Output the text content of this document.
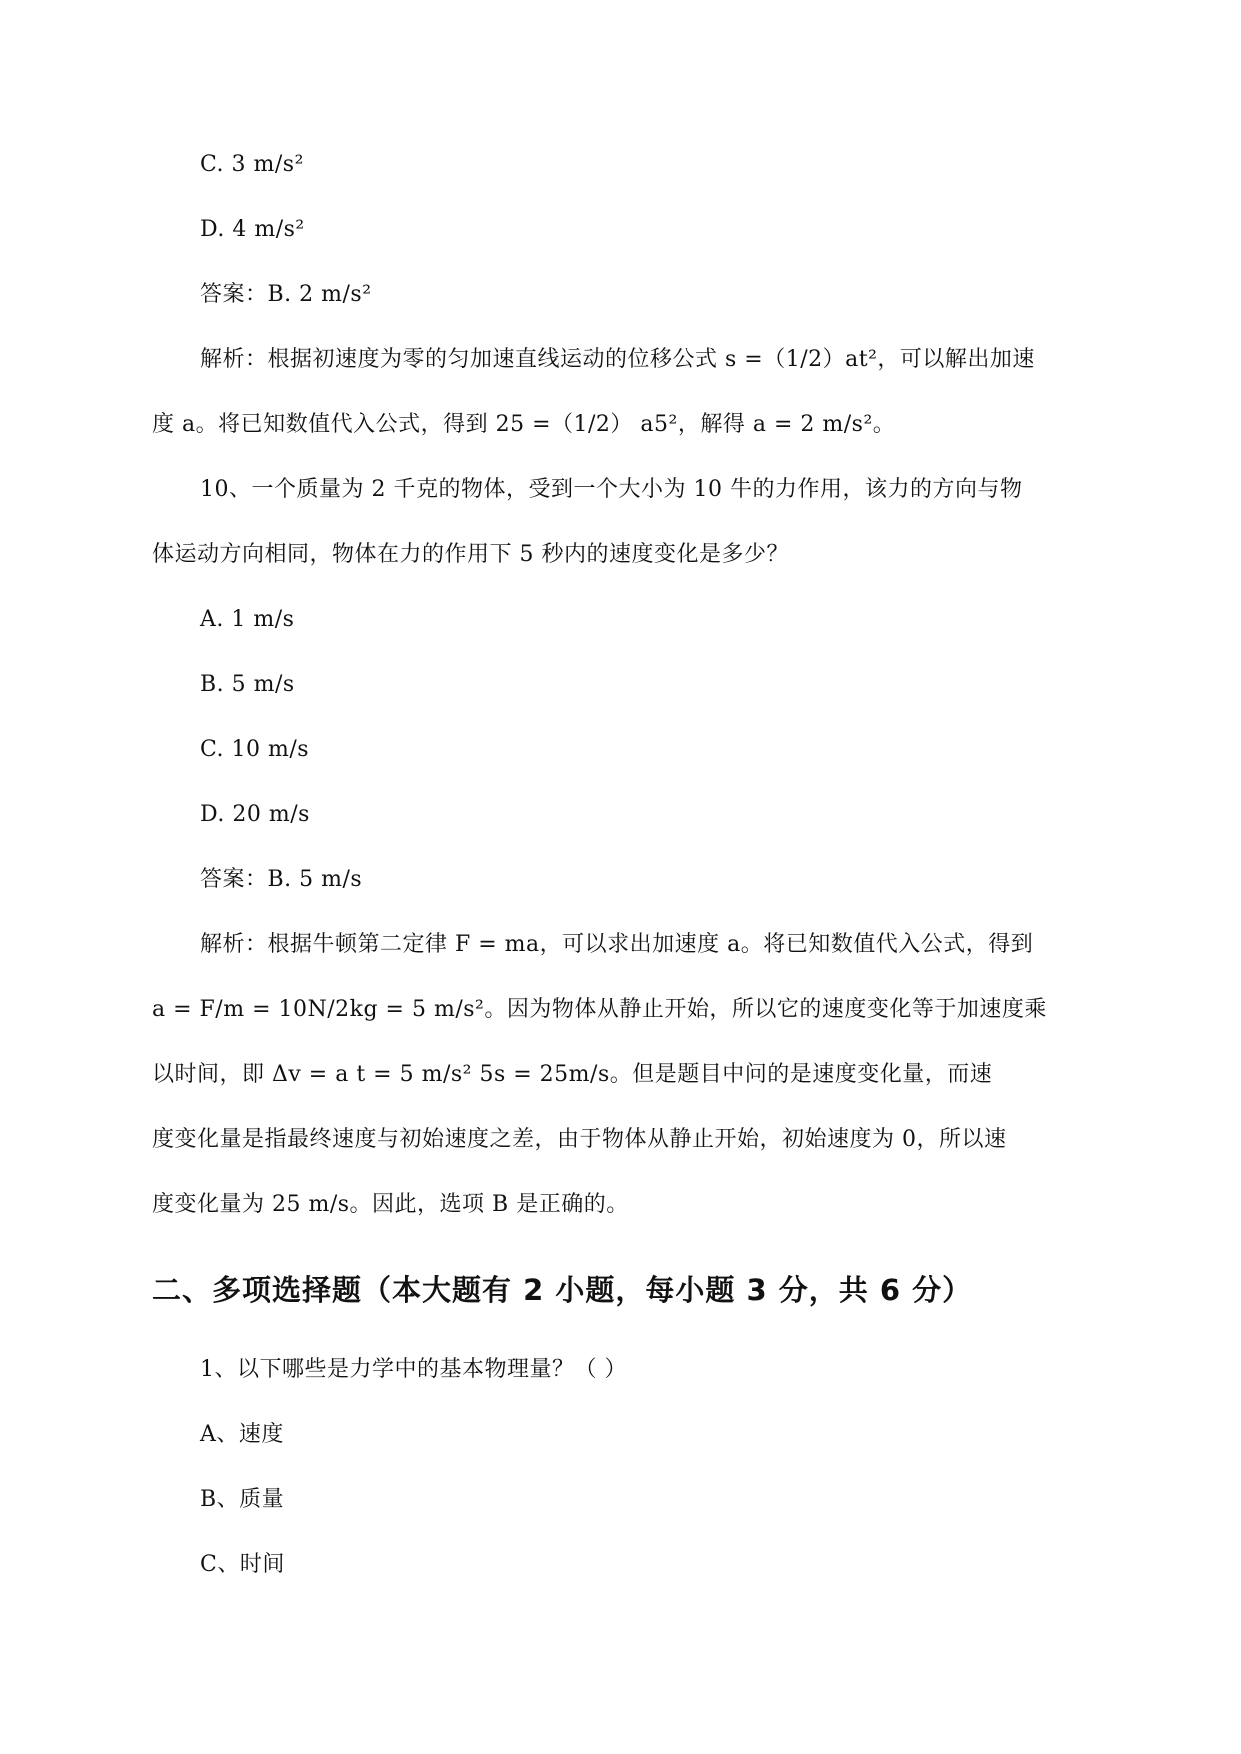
C. 3 m/s²
D. 4 m/s²
答案：B. 2 m/s²
解析：根据初速度为零的匀加速直线运动的位移公式 s =（1/2）at²，可以解出加速
度 a。将已知数值代入公式，得到 25 =（1/2） a5²，解得 a = 2 m/s²。
10、一个质量为 2 千克的物体，受到一个大小为 10 牛的力作用，该力的方向与物
体运动方向相同，物体在力的作用下 5 秒内的速度变化是多少？
A. 1 m/s
B. 5 m/s
C. 10 m/s
D. 20 m/s
答案：B. 5 m/s
解析：根据牛顿第二定律 F = ma，可以求出加速度 a。将已知数值代入公式，得到
a = F/m = 10N/2kg = 5 m/s²。因为物体从静止开始，所以它的速度变化等于加速度乘
以时间，即 Δv = a t = 5 m/s² 5s = 25m/s。但是题目中问的是速度变化量，而速
度变化量是指最终速度与初始速度之差，由于物体从静止开始，初始速度为 0，所以速
度变化量为 25 m/s。因此，选项 B 是正确的。
二、多项选择题（本大题有 2 小题，每小题 3 分，共 6 分）
1、以下哪些是力学中的基本物理量？（ ）
A、速度
B、质量
C、时间
